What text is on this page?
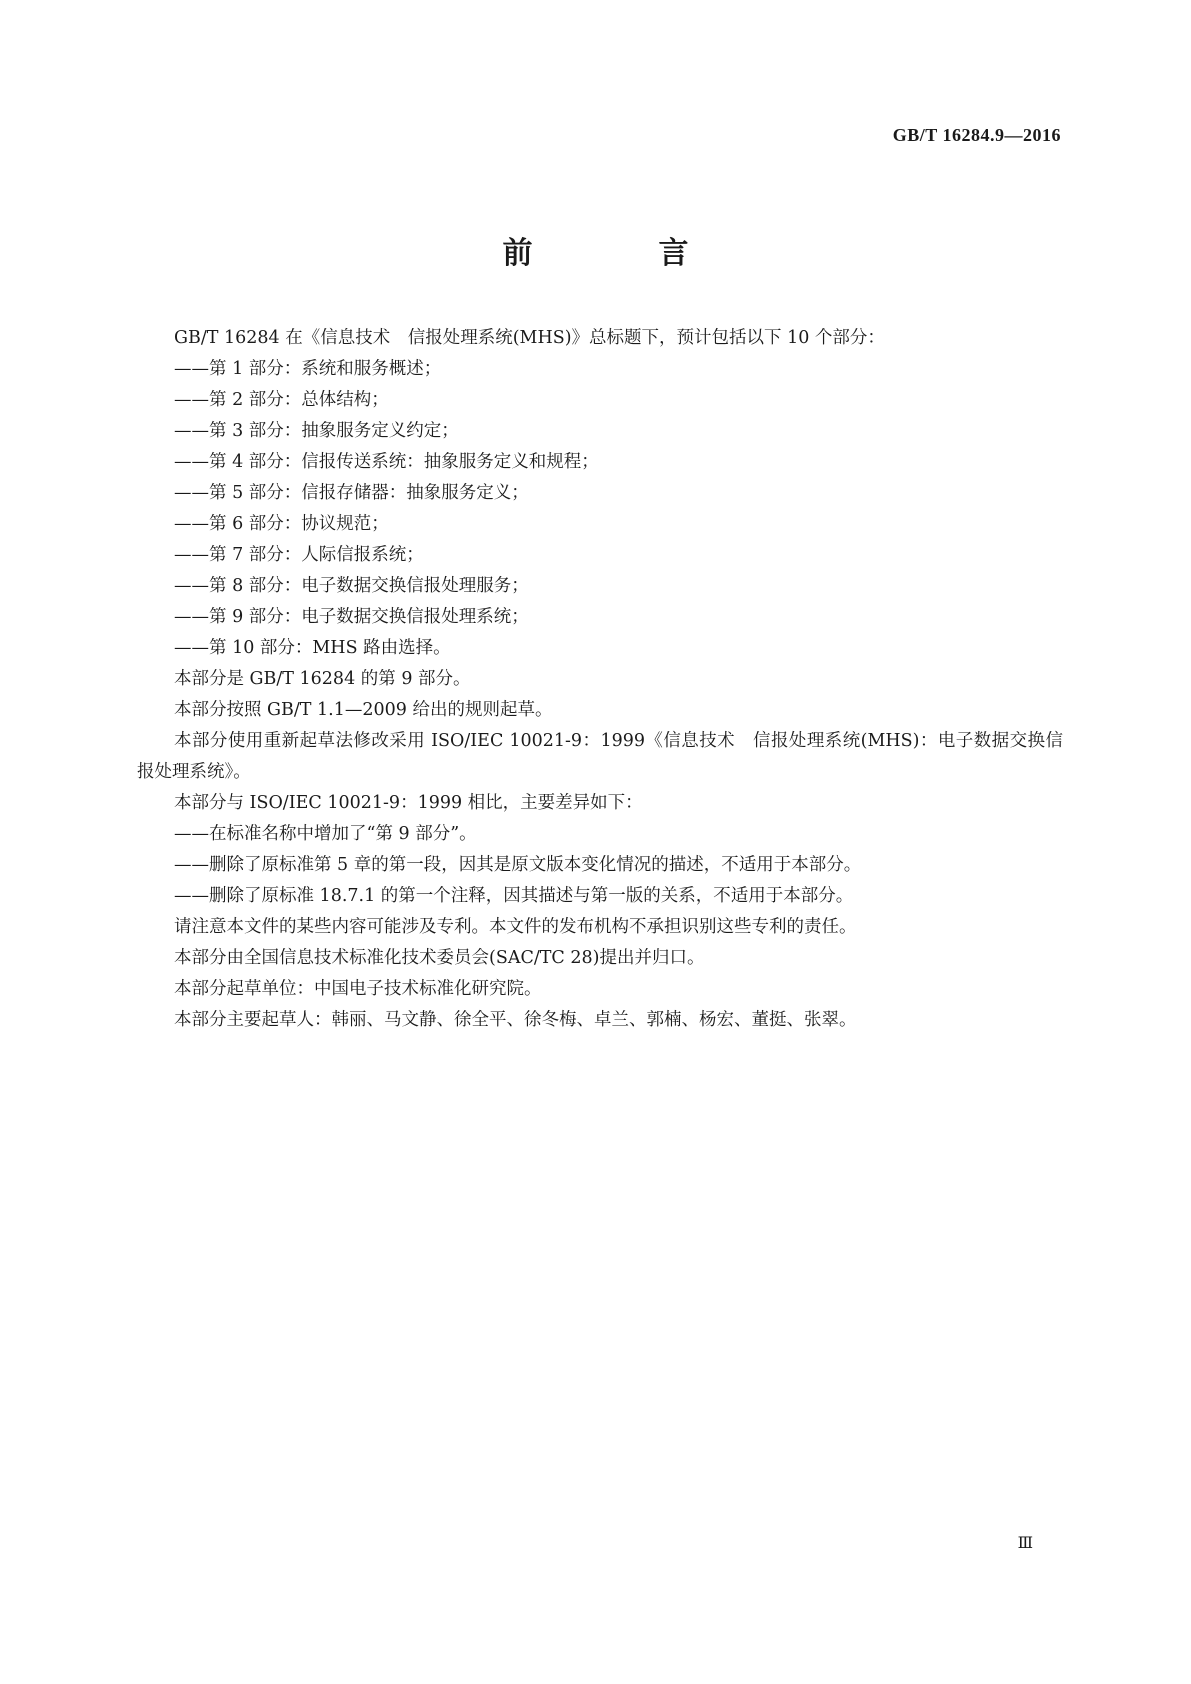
GB/T 16284.9—2016
前　言

GB/T 16284 在《信息技术　信报处理系统(MHS)》总标题下，预计包括以下 10 个部分：

——第 1 部分：系统和服务概述；

——第 2 部分：总体结构；

——第 3 部分：抽象服务定义约定；

——第 4 部分：信报传送系统：抽象服务定义和规程；

——第 5 部分：信报存储器：抽象服务定义；

——第 6 部分：协议规范；

——第 7 部分：人际信报系统；

——第 8 部分：电子数据交换信报处理服务；

——第 9 部分：电子数据交换信报处理系统；

——第 10 部分：MHS 路由选择。

本部分是 GB/T 16284 的第 9 部分。

本部分按照 GB/T 1.1—2009 给出的规则起草。

本部分使用重新起草法修改采用 ISO/IEC 10021-9：1999《信息技术　信报处理系统(MHS)：电子数据交换信报处理系统》。

本部分与 ISO/IEC 10021-9：1999 相比，主要差异如下：

——在标准名称中增加了“第 9 部分”。

——删除了原标准第 5 章的第一段，因其是原文版本变化情况的描述，不适用于本部分。

——删除了原标准 18.7.1 的第一个注释，因其描述与第一版的关系，不适用于本部分。

请注意本文件的某些内容可能涉及专利。本文件的发布机构不承担识别这些专利的责任。

本部分由全国信息技术标准化技术委员会(SAC/TC 28)提出并归口。

本部分起草单位：中国电子技术标准化研究院。

本部分主要起草人：韩丽、马文静、徐全平、徐冬梅、卓兰、郭楠、杨宏、董挺、张翠。

Ⅲ
